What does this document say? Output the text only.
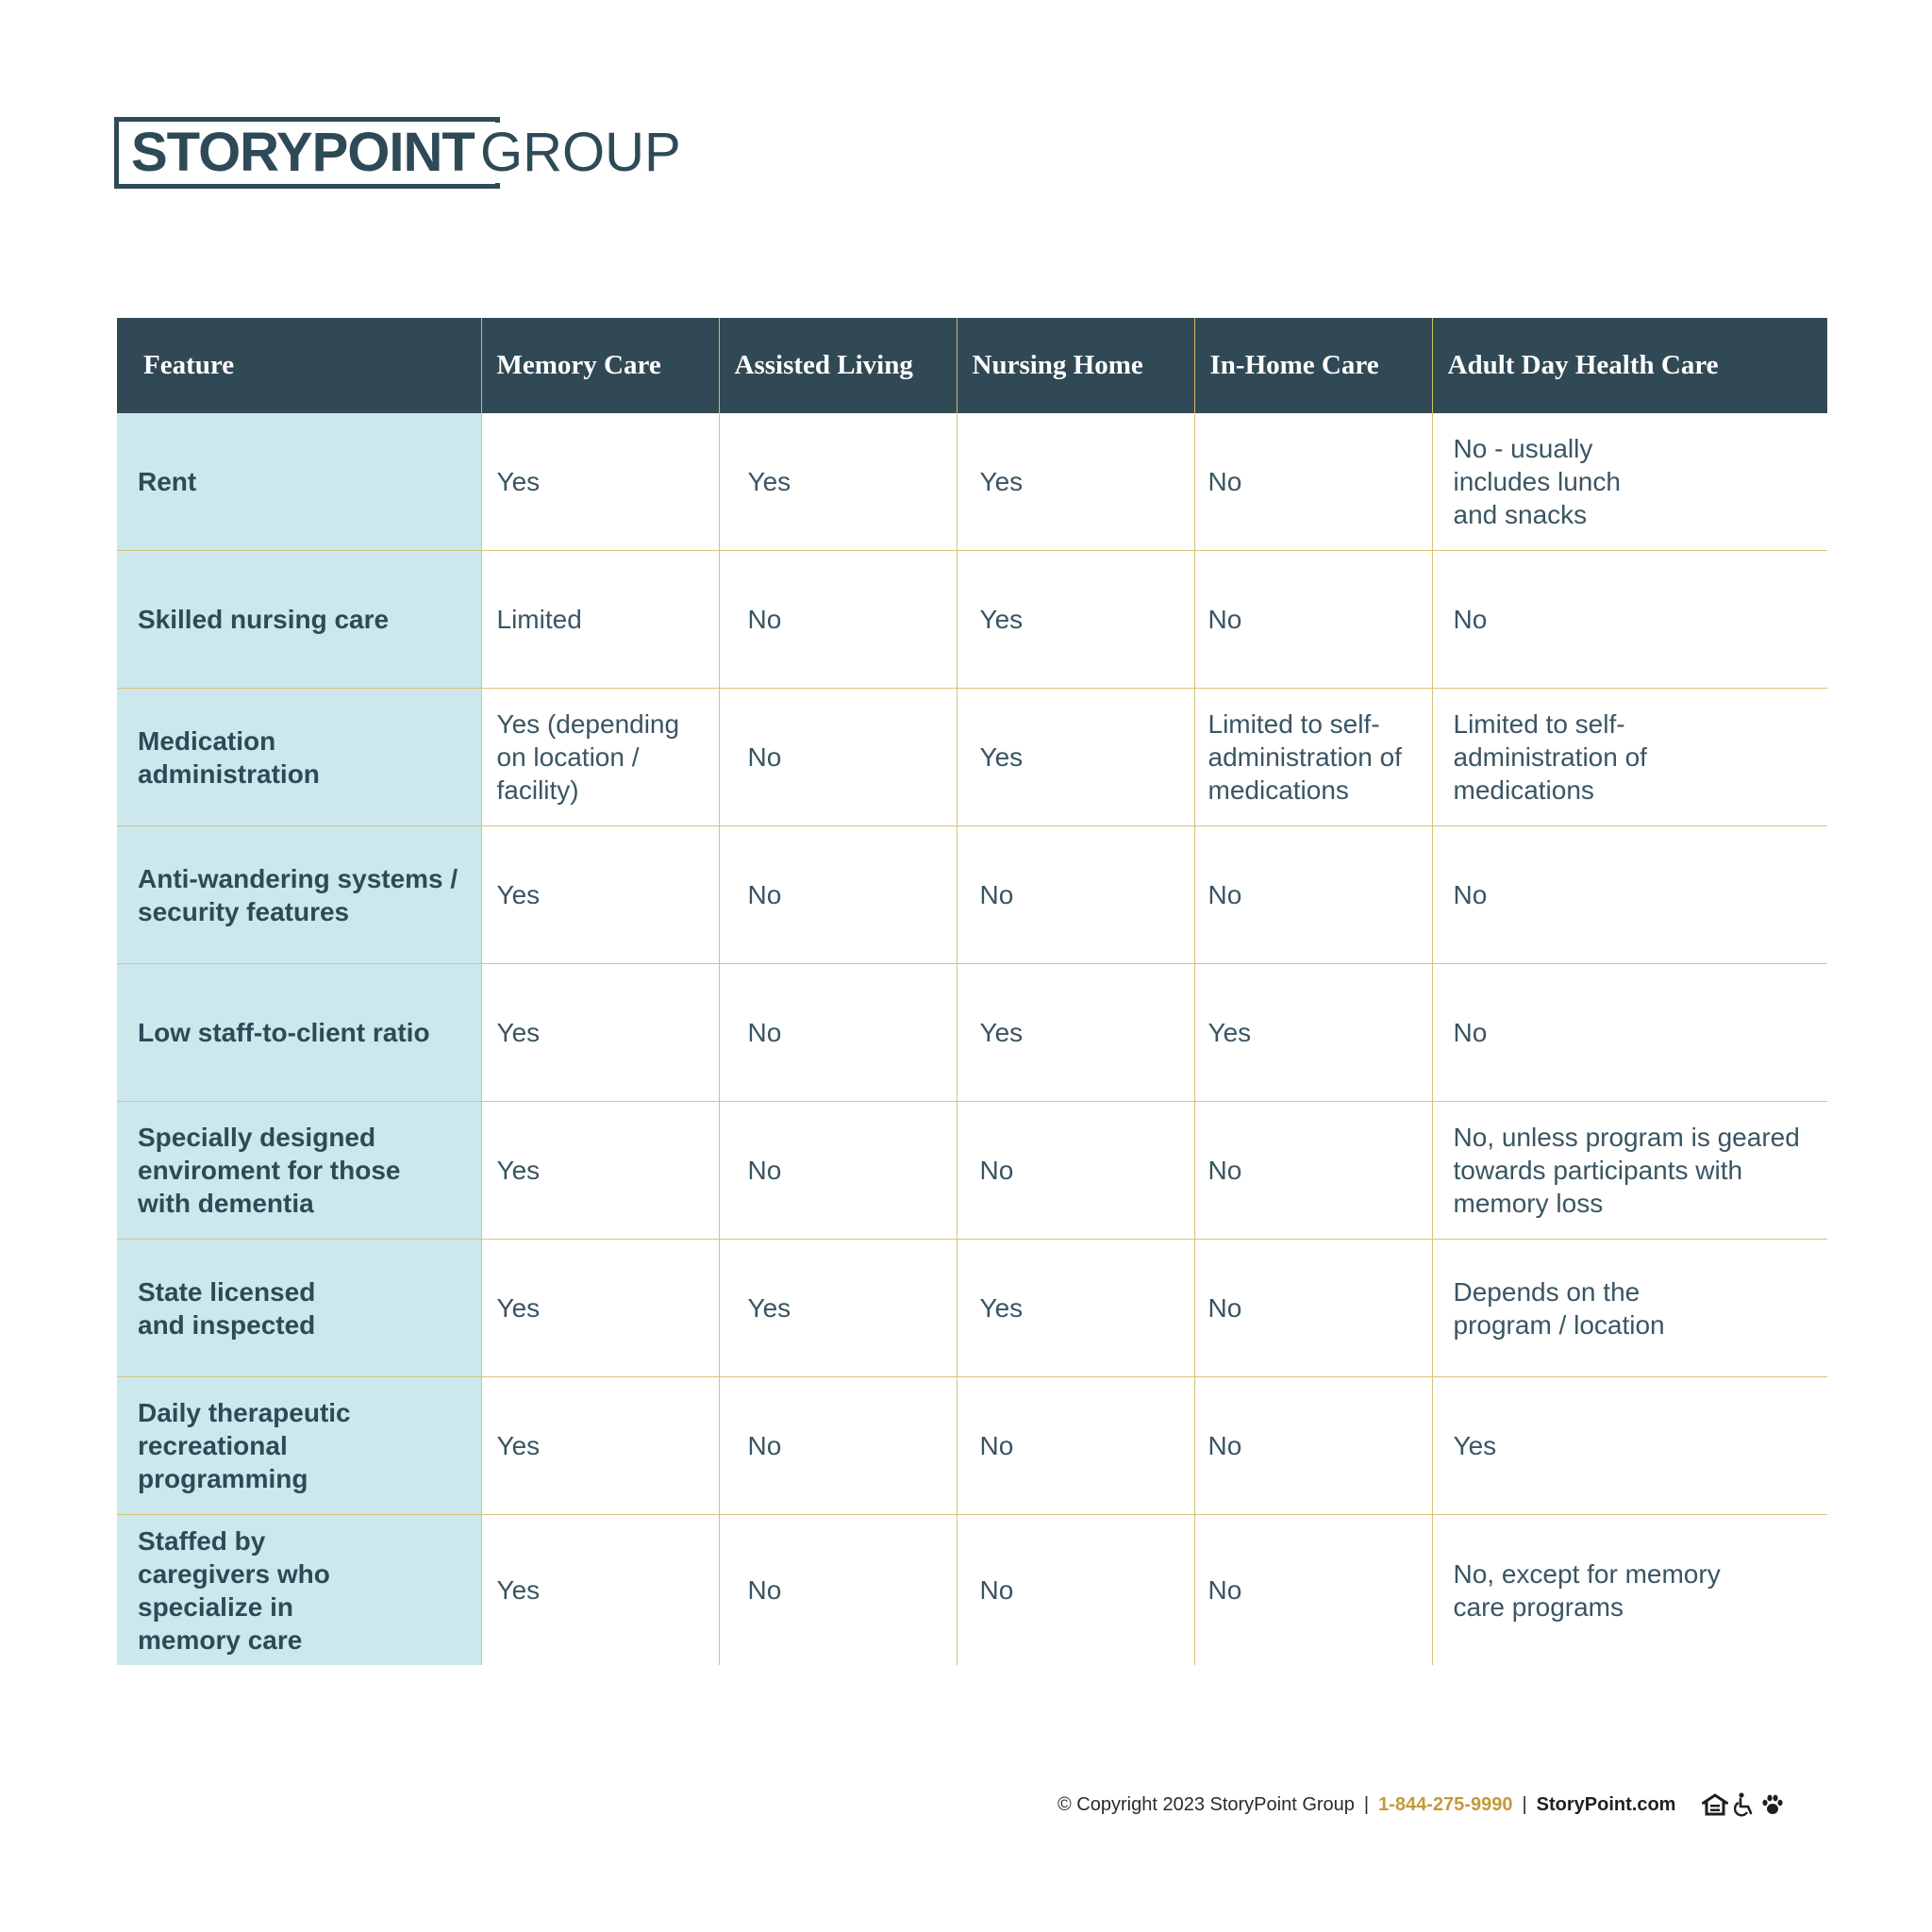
STORYPOINT GROUP
Feature	Memory Care	Assisted Living	Nursing Home	In-Home Care	Adult Day Health Care
Rent	Yes	Yes	Yes	No	No - usually includes lunch and snacks

Skilled nursing care	Limited	No	Yes	No	No

Medication administration	Yes (depending on location / facility)	No	Yes	Limited to self-administration of medications	Limited to self-administration of medications

Anti-wandering systems / security features	Yes	No	No	No	No
Low staff-to-client ratio	Yes	No	Yes	Yes	No

Specially designed enviroment for those with dementia	Yes	No	No	No	No, unless program is geared towards participants with memory loss

State licensed and inspected	Yes	Yes	Yes	No	Depends on the program / location

Daily therapeutic recreational programming	Yes	No	No	No	Yes

Staffed by caregivers who specialize in memory care	Yes	No	No	No	No, except for memory care programs
© Copyright 2023 StoryPoint Group | 1-844-275-9990 | StoryPoint.com
